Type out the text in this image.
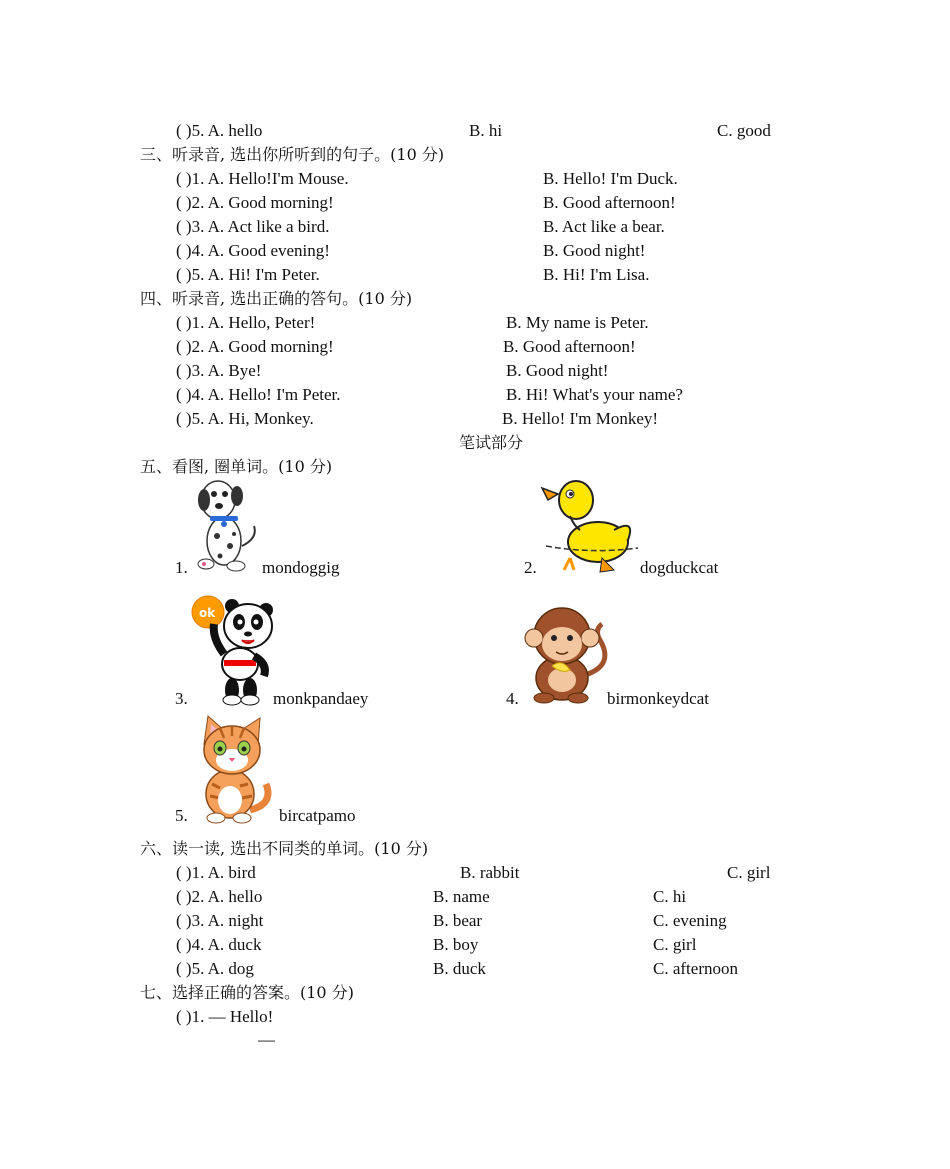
( )5. A. hello	B. hi	C. good
三、听录音, 选出你所听到的句子。(10 分)
( )1. A. Hello!I'm Mouse.	B. Hello! I'm Duck.
( )2. A. Good morning!	B. Good afternoon!
( )3. A. Act like a bird.	B. Act like a bear.
( )4. A. Good evening!	B. Good night!
( )5. A. Hi! I'm Peter.	B. Hi! I'm Lisa.
四、听录音, 选出正确的答句。(10 分)
( )1. A. Hello, Peter!	B. My name is Peter.
( )2. A. Good morning!	B. Good afternoon!
( )3. A. Bye!	B. Good night!
( )4. A. Hello! I'm Peter.	B. Hi! What's your name?
( )5. A. Hi, Monkey.	B. Hello! I'm Monkey!
笔试部分
五、看图, 圈单词。(10 分)
1.	mondoggig	2.	dogduckcat
3.
ok
monkpandaey	4.	birmonkeydcat
5.	bircatpamo
六、读一读, 选出不同类的单词。(10 分)
( )1. A. bird	B. rabbit	C. girl
( )2. A. hello	B. name	C. hi
( )3. A. night	B. bear	C. evening
( )4. A. duck	B. boy	C. girl
( )5. A. dog	B. duck	C. afternoon
七、选择正确的答案。(10 分)
( )1. — Hello!
—
